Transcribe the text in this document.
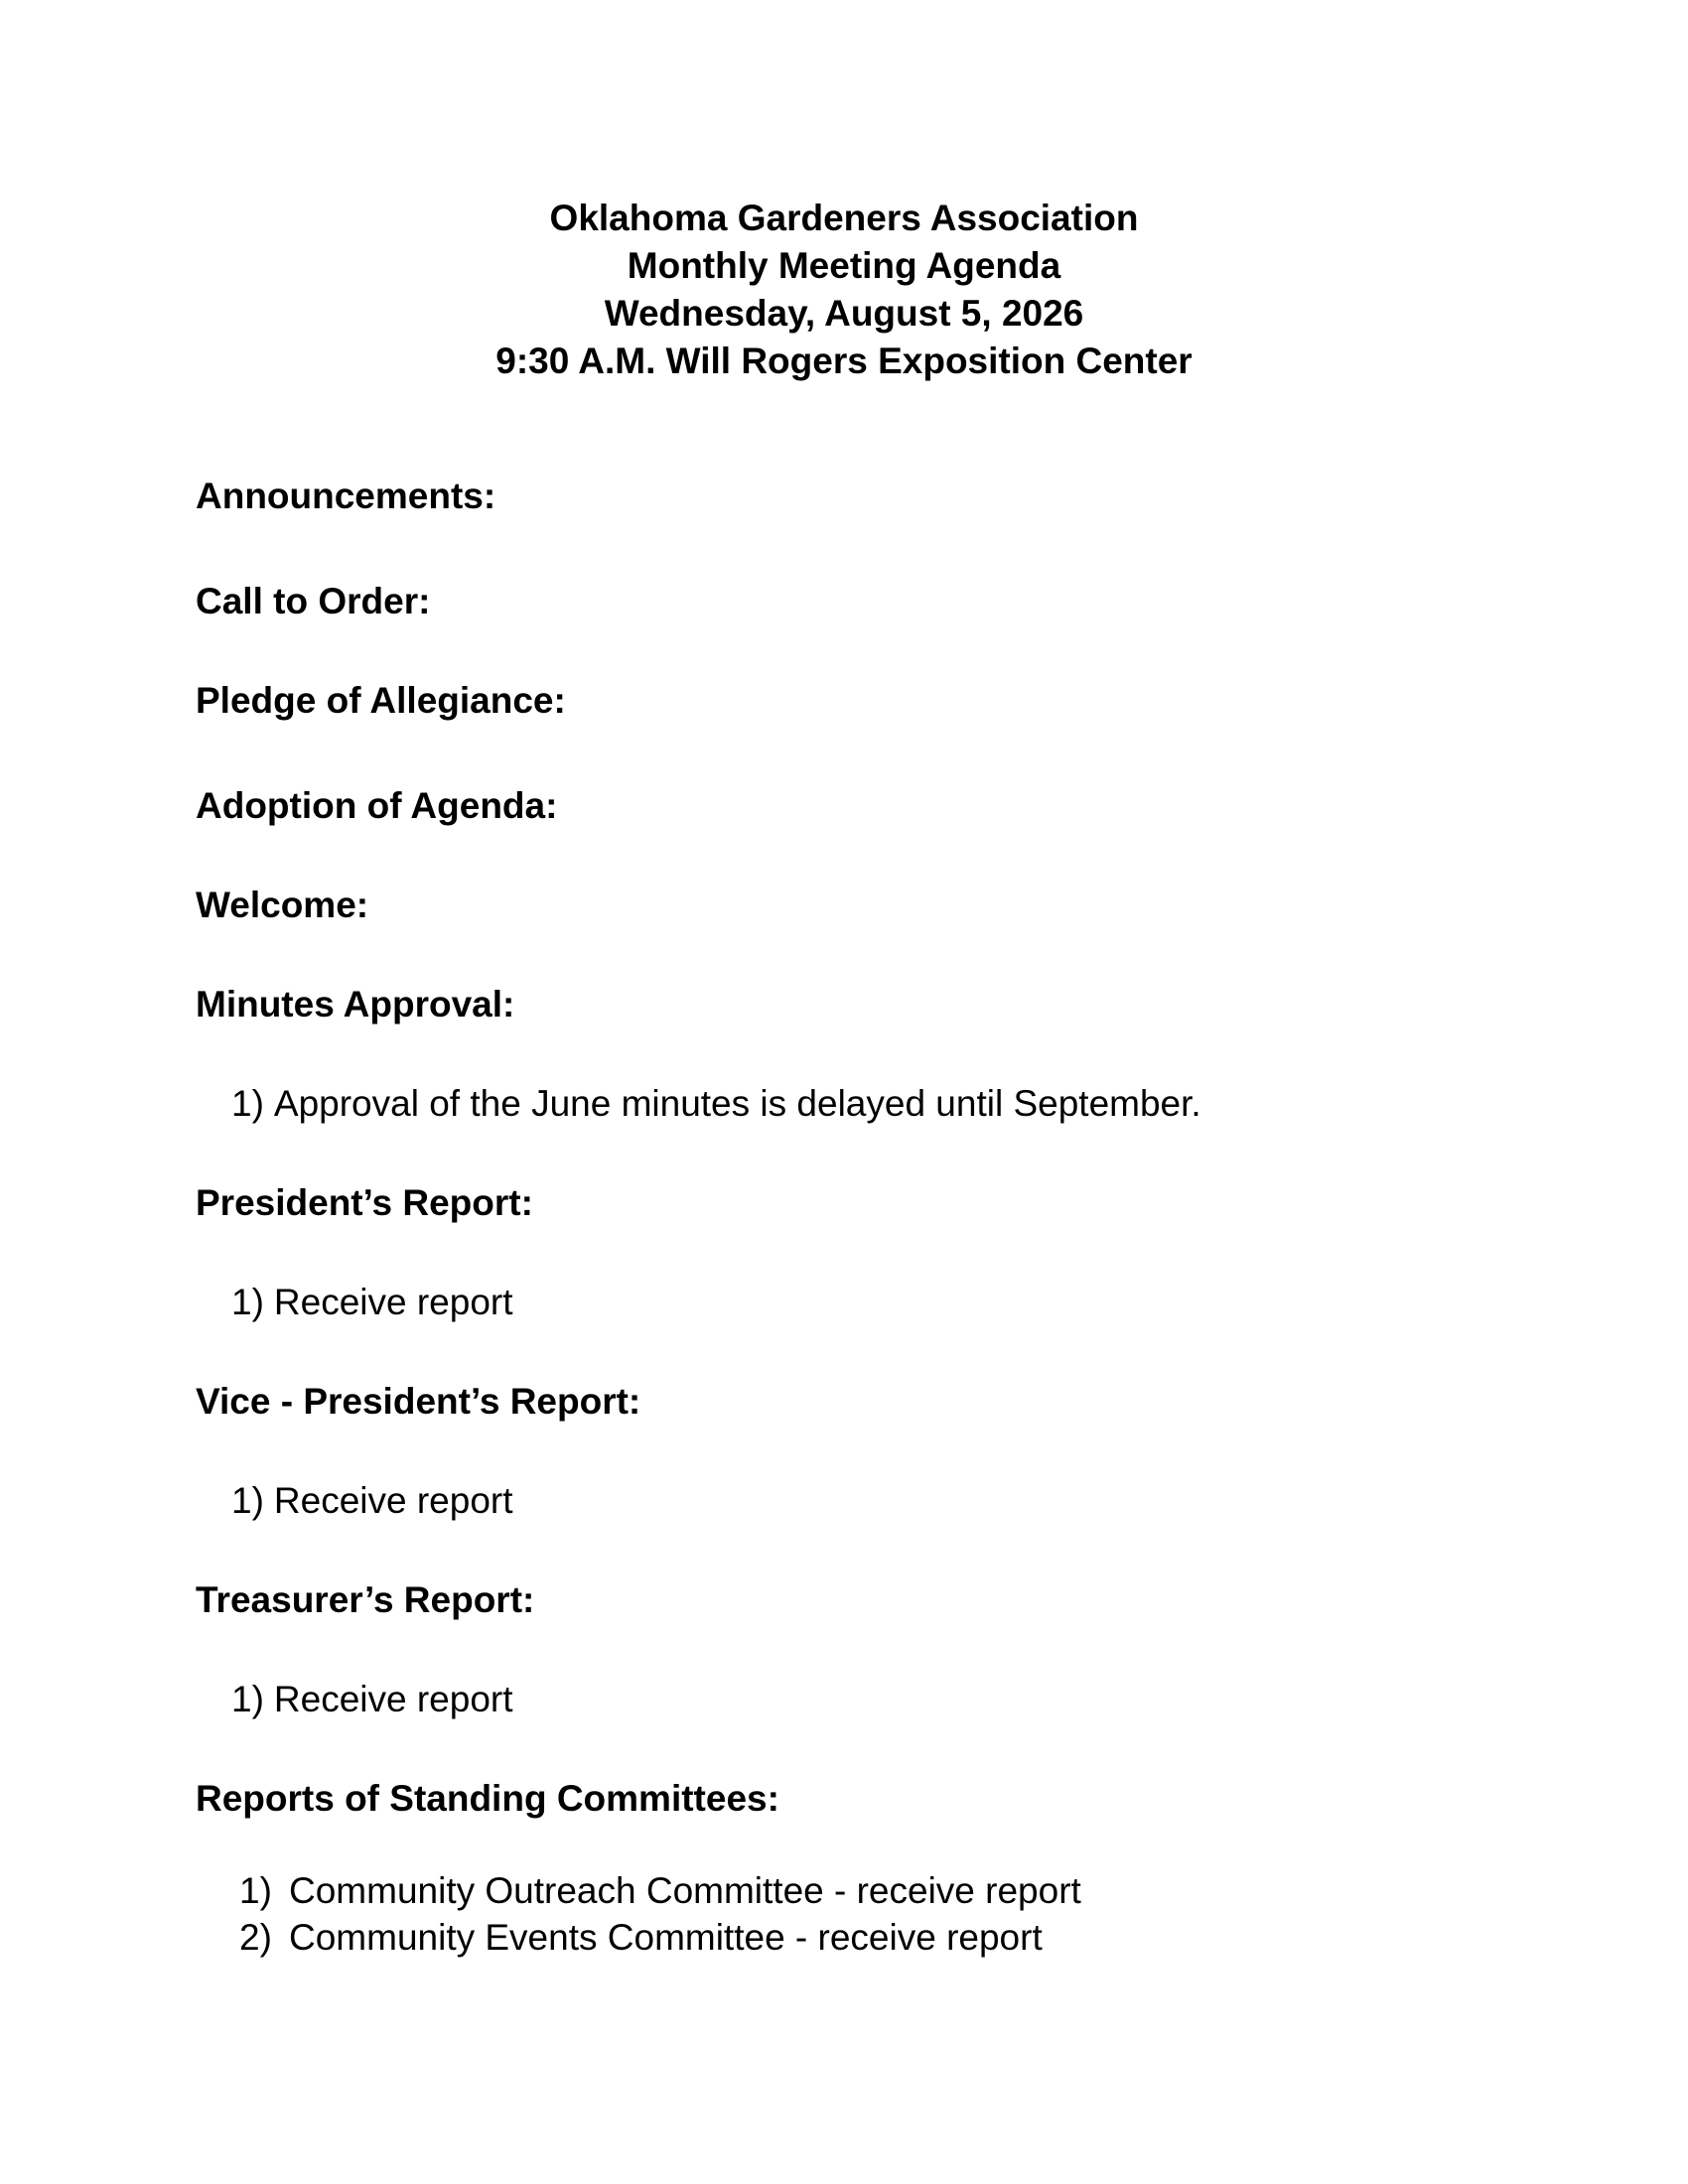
Oklahoma Gardeners Association
Monthly Meeting Agenda
Wednesday, August 5, 2026
9:30 A.M. Will Rogers Exposition Center
Announcements:
Call to Order:
Pledge of Allegiance:
Adoption of Agenda:
Welcome:
Minutes Approval:
1) Approval of the June minutes is delayed until September.
President’s Report:
1) Receive report
Vice - President’s Report:
1) Receive report
Treasurer’s Report:
1) Receive report
Reports of Standing Committees:
1) Community Outreach Committee - receive report
2) Community Events Committee - receive report
